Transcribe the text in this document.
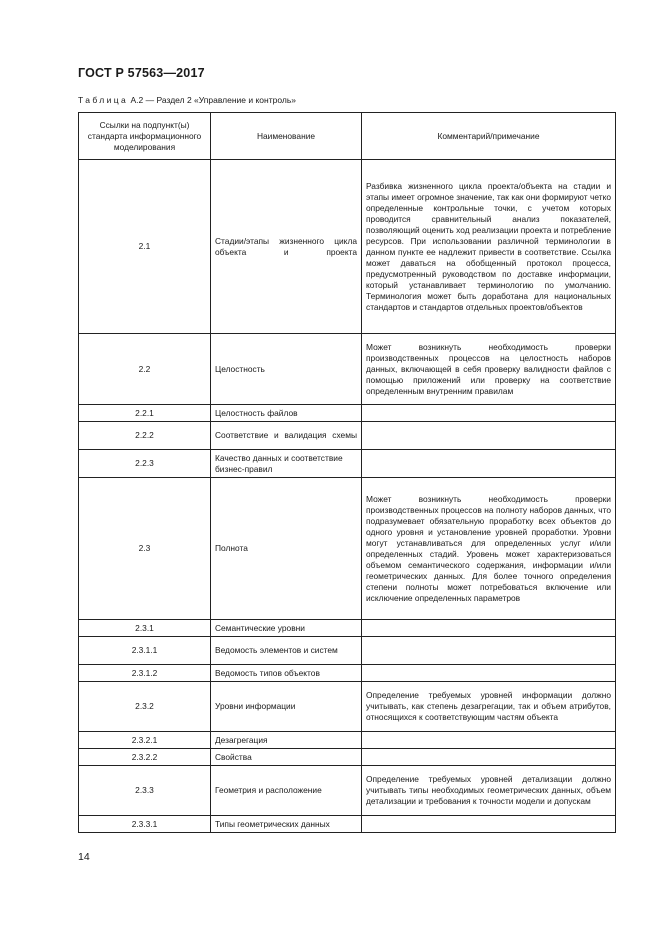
ГОСТ Р 57563—2017
Таблица А.2 — Раздел 2 «Управление и контроль»
Ссылки на подпункт(ы) стандарта информационного моделирования	Наименование	Комментарий/примечание
2.1	Стадии/этапы жизненного цикла объекта и проекта	Разбивка жизненного цикла проекта/объекта на стадии и этапы имеет огромное значение, так как они формируют четко определенные контрольные точки, с учетом которых проводится сравнительный анализ показателей, позволяющий оценить ход реализации проекта и потребление ресурсов. При использовании различной терминологии в данном пункте ее надлежит привести в соответствие. Ссылка может даваться на обобщенный протокол процесса, предусмотренный руководством по доставке информации, который устанавливает терминологию по умолчанию. Терминология может быть доработана для национальных стандартов и стандартов отдельных проектов/объектов
2.2	Целостность	Может возникнуть необходимость проверки производственных процессов на целостность наборов данных, включающей в себя проверку валидности файлов с помощью приложений или проверку на соответствие определенным внутренним правилам
2.2.1	Целостность файлов	
2.2.2	Соответствие и валидация схемы	
2.2.3	Качество данных и соответствие бизнес-правил	
2.3	Полнота	Может возникнуть необходимость проверки производственных процессов на полноту наборов данных, что подразумевает обязательную проработку всех объектов до одного уровня и установление уровней проработки. Уровни могут устанавливаться для определенных услуг и/или определенных стадий. Уровень может характеризоваться объемом семантического содержания, информации и/или геометрических данных. Для более точного определения степени полноты может потребоваться включение или исключение определенных параметров
2.3.1	Семантические уровни	
2.3.1.1	Ведомость элементов и систем	
2.3.1.2	Ведомость типов объектов	
2.3.2	Уровни информации	Определение требуемых уровней информации должно учитывать, как степень дезагрегации, так и объем атрибутов, относящихся к соответствующим частям объекта
2.3.2.1	Дезагрегация	
2.3.2.2	Свойства	
2.3.3	Геометрия и расположение	Определение требуемых уровней детализации должно учитывать типы необходимых геометрических данных, объем детализации и требования к точности модели и допускам
2.3.3.1	Типы геометрических данных	
14
